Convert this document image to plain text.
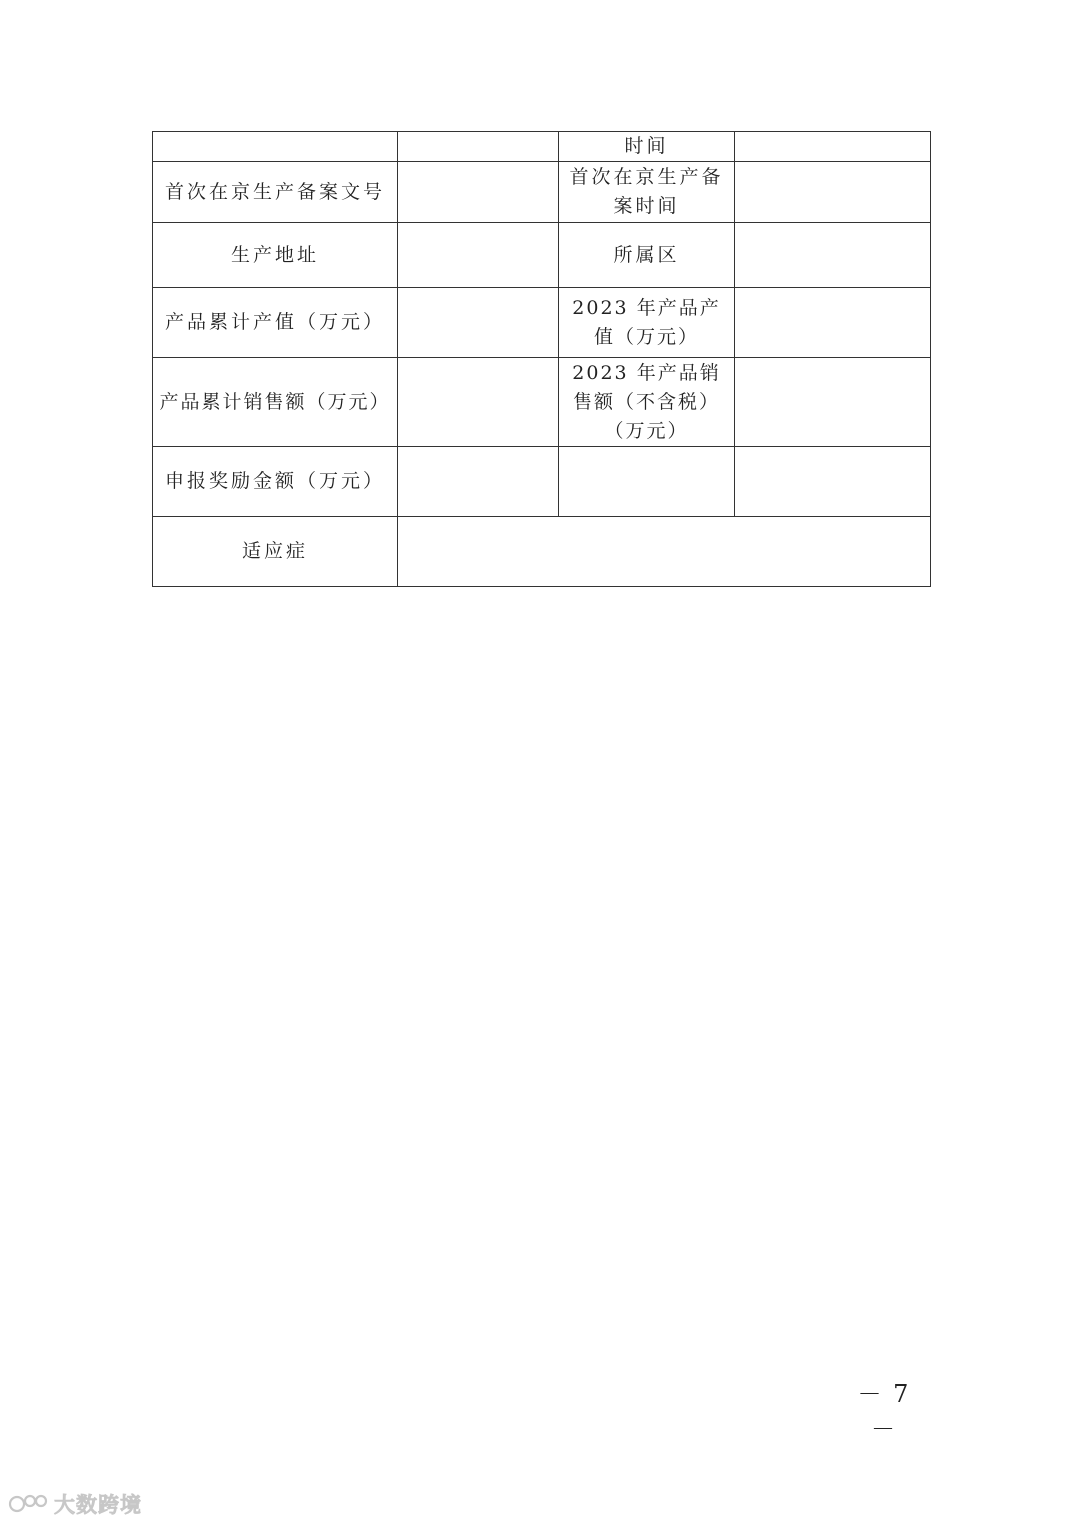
		时间	
首次在京生产备案文号		首次在京生产备案时间	
生产地址		所属区	
产品累计产值（万元）		2023 年产品产值（万元）	
产品累计销售额（万元）		2023 年产品销售额（不含税）（万元）	
申报奖励金额（万元）			
适应症			
－ 7 －
大数跨境
